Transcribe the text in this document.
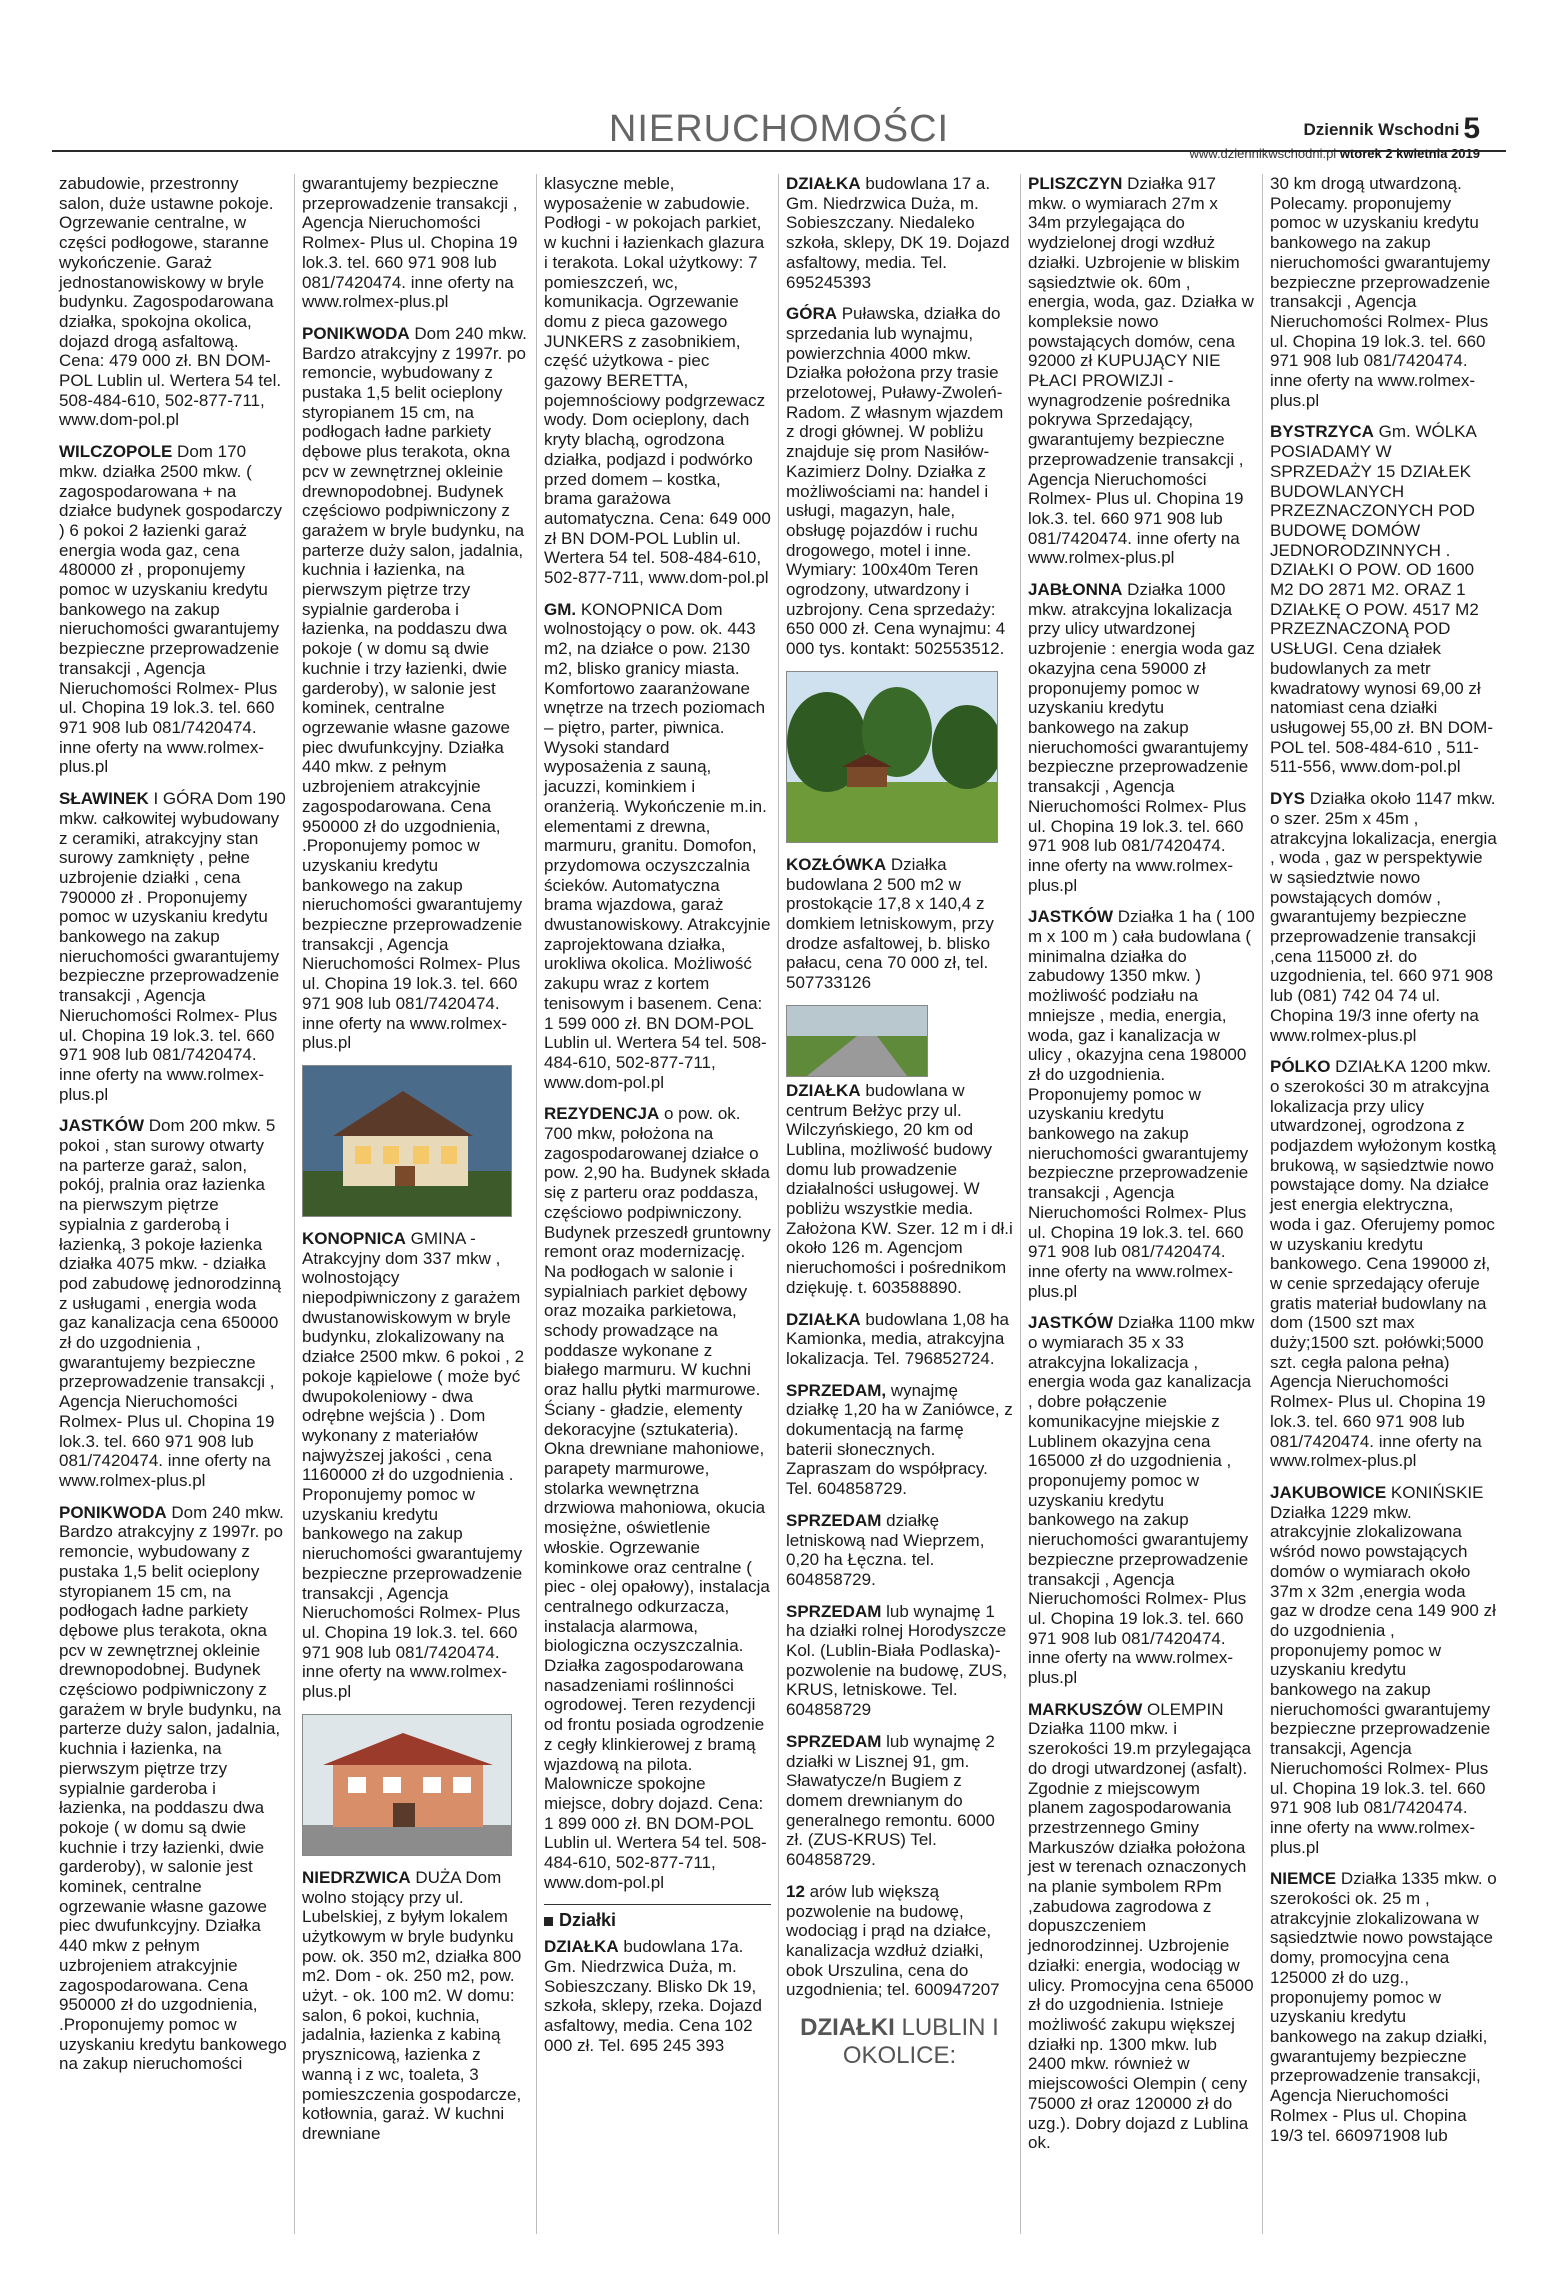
NIERUCHOMOŚCI	Dziennik Wschodni 5
www.dziennikwschodni.pl wtorek 2 kwietnia 2019

zabudowie, przestronny salon, duże ustawne pokoje. Ogrzewanie centralne, w części podłogowe, staranne wykończenie. Garaż jednostanowiskowy w bryle budynku. Zagospodarowana działka, spokojna okolica, dojazd drogą asfaltową. Cena: 479 000 zł. BN DOM-POL Lublin ul. Wertera 54 tel. 508-484-610, 502-877-711, www.dom-pol.pl

WILCZOPOLE Dom 170 mkw. działka 2500 mkw. ( zagospodarowana + na działce budynek gospodarczy ) 6 pokoi 2 łazienki garaż energia woda gaz, cena 480000 zł , proponujemy pomoc w uzyskaniu kredytu bankowego na zakup nieruchomości gwarantujemy bezpieczne przeprowadzenie transakcji , Agencja Nieruchomości Rolmex- Plus ul. Chopina 19 lok.3. tel. 660 971 908 lub 081/7420474. inne oferty na www.rolmex-plus.pl

SŁAWINEK I GÓRA Dom 190 mkw. całkowitej wybudowany z ceramiki, atrakcyjny stan surowy zamknięty , pełne uzbrojenie działki , cena 790000 zł . Proponujemy pomoc w uzyskaniu kredytu bankowego na zakup nieruchomości gwarantujemy bezpieczne przeprowadzenie transakcji , Agencja Nieruchomości Rolmex- Plus ul. Chopina 19 lok.3. tel. 660 971 908 lub 081/7420474. inne oferty na www.rolmex-plus.pl

JASTKÓW Dom 200 mkw. 5 pokoi , stan surowy otwarty na parterze garaż, salon, pokój, pralnia oraz łazienka na pierwszym piętrze sypialnia z garderobą i łazienką, 3 pokoje łazienka działka 4075 mkw. - działka pod zabudowę jednorodzinną z usługami , energia woda gaz kanalizacja cena 650000 zł do uzgodnienia , gwarantujemy bezpieczne przeprowadzenie transakcji , Agencja Nieruchomości Rolmex- Plus ul. Chopina 19 lok.3. tel. 660 971 908 lub 081/7420474. inne oferty na www.rolmex-plus.pl

PONIKWODA Dom 240 mkw. Bardzo atrakcyjny z 1997r. po remoncie, wybudowany z pustaka 1,5 belit ocieplony styropianem 15 cm, na podłogach ładne parkiety dębowe plus terakota, okna pcv w zewnętrznej okleinie drewnopodobnej. Budynek częściowo podpiwniczony z garażem w bryle budynku, na parterze duży salon, jadalnia, kuchnia i łazienka, na pierwszym piętrze trzy sypialnie garderoba i łazienka, na poddaszu dwa pokoje ( w domu są dwie kuchnie i trzy łazienki, dwie garderoby), w salonie jest kominek, centralne ogrzewanie własne gazowe piec dwufunkcyjny. Działka 440 mkw z pełnym uzbrojeniem atrakcyjnie zagospodarowana. Cena 950000 zł do uzgodnienia, .Proponujemy pomoc w uzyskaniu kredytu bankowego na zakup nieruchomości

gwarantujemy bezpieczne przeprowadzenie transakcji , Agencja Nieruchomości Rolmex- Plus ul. Chopina 19 lok.3. tel. 660 971 908 lub 081/7420474. inne oferty na www.rolmex-plus.pl

PONIKWODA Dom 240 mkw. Bardzo atrakcyjny z 1997r. po remoncie, wybudowany z pustaka 1,5 belit ocieplony styropianem 15 cm, na podłogach ładne parkiety dębowe plus terakota, okna pcv w zewnętrznej okleinie drewnopodobnej. Budynek częściowo podpiwniczony z garażem w bryle budynku, na parterze duży salon, jadalnia, kuchnia i łazienka, na pierwszym piętrze trzy sypialnie garderoba i łazienka, na poddaszu dwa pokoje ( w domu są dwie kuchnie i trzy łazienki, dwie garderoby), w salonie jest kominek, centralne ogrzewanie własne gazowe piec dwufunkcyjny. Działka 440 mkw. z pełnym uzbrojeniem atrakcyjnie zagospodarowana. Cena 950000 zł do uzgodnienia, .Proponujemy pomoc w uzyskaniu kredytu bankowego na zakup nieruchomości gwarantujemy bezpieczne przeprowadzenie transakcji , Agencja Nieruchomości Rolmex- Plus ul. Chopina 19 lok.3. tel. 660 971 908 lub 081/7420474. inne oferty na www.rolmex-plus.pl

KONOPNICA GMINA - Atrakcyjny dom 337 mkw , wolnostojący niepodpiwniczony z garażem dwustanowiskowym w bryle budynku, zlokalizowany na działce 2500 mkw. 6 pokoi , 2 pokoje kąpielowe ( może być dwupokoleniowy - dwa odrębne wejścia ) . Dom wykonany z materiałów najwyższej jakości , cena 1160000 zł do uzgodnienia . Proponujemy pomoc w uzyskaniu kredytu bankowego na zakup nieruchomości gwarantujemy bezpieczne przeprowadzenie transakcji , Agencja Nieruchomości Rolmex- Plus ul. Chopina 19 lok.3. tel. 660 971 908 lub 081/7420474. inne oferty na www.rolmex-plus.pl

NIEDRZWICA DUŻA Dom wolno stojący przy ul. Lubelskiej, z byłym lokalem użytkowym w bryle budynku pow. ok. 350 m2, działka 800 m2. Dom - ok. 250 m2, pow. użyt. - ok. 100 m2. W domu: salon, 6 pokoi, kuchnia, jadalnia, łazienka z kabiną prysznicową, łazienka z wanną i z wc, toaleta, 3 pomieszczenia gospodarcze, kotłownia, garaż. W kuchni drewniane

klasyczne meble, wyposażenie w zabudowie. Podłogi - w pokojach parkiet, w kuchni i łazienkach glazura i terakota. Lokal użytkowy: 7 pomieszczeń, wc, komunikacja. Ogrzewanie domu z pieca gazowego JUNKERS z zasobnikiem, część użytkowa - piec gazowy BERETTA, pojemnościowy podgrzewacz wody. Dom ocieplony, dach kryty blachą, ogrodzona działka, podjazd i podwórko przed domem – kostka, brama garażowa automatyczna. Cena: 649 000 zł BN DOM-POL Lublin ul. Wertera 54 tel. 508-484-610, 502-877-711, www.dom-pol.pl

GM. KONOPNICA Dom wolnostojący o pow. ok. 443 m2, na działce o pow. 2130 m2, blisko granicy miasta. Komfortowo zaaranżowane wnętrze na trzech poziomach – piętro, parter, piwnica. Wysoki standard wyposażenia z sauną, jacuzzi, kominkiem i oranżerią. Wykończenie m.in. elementami z drewna, marmuru, granitu. Domofon, przydomowa oczyszczalnia ścieków. Automatyczna brama wjazdowa, garaż dwustanowiskowy. Atrakcyjnie zaprojektowana działka, urokliwa okolica. Możliwość zakupu wraz z kortem tenisowym i basenem. Cena: 1 599 000 zł. BN DOM-POL Lublin ul. Wertera 54 tel. 508-484-610, 502-877-711, www.dom-pol.pl

REZYDENCJA o pow. ok. 700 mkw, położona na zagospodarowanej działce o pow. 2,90 ha. Budynek składa się z parteru oraz poddasza, częściowo podpiwniczony. Budynek przeszedł gruntowny remont oraz modernizację. Na podłogach w salonie i sypialniach parkiet dębowy oraz mozaika parkietowa, schody prowadzące na poddasze wykonane z białego marmuru. W kuchni oraz hallu płytki marmurowe. Ściany - gładzie, elementy dekoracyjne (sztukateria). Okna drewniane mahoniowe, parapety marmurowe, stolarka wewnętrzna drzwiowa mahoniowa, okucia mosiężne, oświetlenie włoskie. Ogrzewanie kominkowe oraz centralne ( piec - olej opałowy), instalacja centralnego odkurzacza, instalacja alarmowa, biologiczna oczyszczalnia. Działka zagospodarowana nasadzeniami roślinności ogrodowej. Teren rezydencji od frontu posiada ogrodzenie z cegły klinkierowej z bramą wjazdową na pilota. Malownicze spokojne miejsce, dobry dojazd. Cena: 1 899 000 zł. BN DOM-POL Lublin ul. Wertera 54 tel. 508-484-610, 502-877-711, www.dom-pol.pl

Działki

DZIAŁKA budowlana 17a. Gm. Niedrzwica Duża, m. Sobieszczany. Blisko Dk 19, szkoła, sklepy, rzeka. Dojazd asfaltowy, media. Cena 102 000 zł. Tel. 695 245 393

DZIAŁKA budowlana 17 a. Gm. Niedrzwica Duża, m. Sobieszczany. Niedaleko szkoła, sklepy, DK 19. Dojazd asfaltowy, media. Tel. 695245393

GÓRA Puławska, działka do sprzedania lub wynajmu, powierzchnia 4000 mkw. Działka położona przy trasie przelotowej, Puławy-Zwoleń-Radom. Z własnym wjazdem z drogi głównej. W pobliżu znajduje się prom Nasiłów-Kazimierz Dolny. Działka z możliwościami na: handel i usługi, magazyn, hale, obsługę pojazdów i ruchu drogowego, motel i inne. Wymiary: 100x40m Teren ogrodzony, utwardzony i uzbrojony. Cena sprzedaży: 650 000 zł. Cena wynajmu: 4 000 tys. kontakt: 502553512.

KOZŁÓWKA Działka budowlana 2 500 m2 w prostokącie 17,8 x 140,4 z domkiem letniskowym, przy drodze asfaltowej, b. blisko pałacu, cena 70 000 zł, tel. 507733126

DZIAŁKA budowlana w centrum Bełżyc przy ul. Wilczyńskiego, 20 km od Lublina, możliwość budowy domu lub prowadzenie działalności usługowej. W pobliżu wszystkie media. Założona KW. Szer. 12 m i dł.i około 126 m. Agencjom nieruchomości i pośrednikom dziękuję. t. 603588890.

DZIAŁKA budowlana 1,08 ha Kamionka, media, atrakcyjna lokalizacja. Tel. 796852724.

SPRZEDAM, wynajmę działkę 1,20 ha w Zaniówce, z dokumentacją na farmę baterii słonecznych. Zapraszam do współpracy. Tel. 604858729.

SPRZEDAM działkę letniskową nad Wieprzem, 0,20 ha Łęczna. tel. 604858729.

SPRZEDAM lub wynajmę 1 ha działki rolnej Horodyszcze Kol. (Lublin-Biała Podlaska)-pozwolenie na budowę, ZUS, KRUS, letniskowe. Tel. 604858729

SPRZEDAM lub wynajmę 2 działki w Lisznej 91, gm. Sławatycze/n Bugiem z domem drewnianym do generalnego remontu. 6000 zł. (ZUS-KRUS) Tel. 604858729.

12 arów lub większą pozwolenie na budowę, wodociąg i prąd na działce, kanalizacja wzdłuż działki, obok Urszulina, cena do uzgodnienia; tel. 600947207

DZIAŁKI LUBLIN I OKOLICE:

PLISZCZYN Działka 917 mkw. o wymiarach 27m x 34m przylegająca do wydzielonej drogi wzdłuż działki. Uzbrojenie w bliskim sąsiedztwie ok. 60m , energia, woda, gaz. Działka w kompleksie nowo powstających domów, cena 92000 zł KUPUJĄCY NIE PŁACI PROWIZJI -wynagrodzenie pośrednika pokrywa Sprzedający, gwarantujemy bezpieczne przeprowadzenie transakcji , Agencja Nieruchomości Rolmex- Plus ul. Chopina 19 lok.3. tel. 660 971 908 lub 081/7420474. inne oferty na www.rolmex-plus.pl

JABŁONNA Działka 1000 mkw. atrakcyjna lokalizacja przy ulicy utwardzonej uzbrojenie : energia woda gaz okazyjna cena 59000 zł proponujemy pomoc w uzyskaniu kredytu bankowego na zakup nieruchomości gwarantujemy bezpieczne przeprowadzenie transakcji , Agencja Nieruchomości Rolmex- Plus ul. Chopina 19 lok.3. tel. 660 971 908 lub 081/7420474. inne oferty na www.rolmex-plus.pl

JASTKÓW Działka 1 ha ( 100 m x 100 m ) cała budowlana ( minimalna działka do zabudowy 1350 mkw. ) możliwość podziału na mniejsze , media, energia, woda, gaz i kanalizacja w ulicy , okazyjna cena 198000 zł do uzgodnienia. Proponujemy pomoc w uzyskaniu kredytu bankowego na zakup nieruchomości gwarantujemy bezpieczne przeprowadzenie transakcji , Agencja Nieruchomości Rolmex- Plus ul. Chopina 19 lok.3. tel. 660 971 908 lub 081/7420474. inne oferty na www.rolmex-plus.pl

JASTKÓW Działka 1100 mkw o wymiarach 35 x 33 atrakcyjna lokalizacja , energia woda gaz kanalizacja , dobre połączenie komunikacyjne miejskie z Lublinem okazyjna cena 165000 zł do uzgodnienia , proponujemy pomoc w uzyskaniu kredytu bankowego na zakup nieruchomości gwarantujemy bezpieczne przeprowadzenie transakcji , Agencja Nieruchomości Rolmex- Plus ul. Chopina 19 lok.3. tel. 660 971 908 lub 081/7420474. inne oferty na www.rolmex-plus.pl

MARKUSZÓW OLEMPIN Działka 1100 mkw. i szerokości 19.m przylegająca do drogi utwardzonej (asfalt). Zgodnie z miejscowym planem zagospodarowania przestrzennego Gminy Markuszów działka położona jest w terenach oznaczonych na planie symbolem RPm ,zabudowa zagrodowa z dopuszczeniem jednorodzinnej. Uzbrojenie działki: energia, wodociąg w ulicy. Promocyjna cena 65000 zł do uzgodnienia. Istnieje możliwość zakupu większej działki np. 1300 mkw. lub 2400 mkw. również w miejscowości Olempin ( ceny 75000 zł oraz 120000 zł do uzg.). Dobry dojazd z Lublina ok.

30 km drogą utwardzoną. Polecamy. proponujemy pomoc w uzyskaniu kredytu bankowego na zakup nieruchomości gwarantujemy bezpieczne przeprowadzenie transakcji , Agencja Nieruchomości Rolmex- Plus ul. Chopina 19 lok.3. tel. 660 971 908 lub 081/7420474. inne oferty na www.rolmex-plus.pl

BYSTRZYCA Gm. WÓLKA POSIADAMY W SPRZEDAŻY 15 DZIAŁEK BUDOWLANYCH PRZEZNACZONYCH POD BUDOWĘ DOMÓW JEDNORODZINNYCH . DZIAŁKI O POW. OD 1600 M2 DO 2871 M2. ORAZ 1 DZIAŁKĘ O POW. 4517 M2 PRZEZNACZONĄ POD USŁUGI. Cena działek budowlanych za metr kwadratowy wynosi 69,00 zł natomiast cena działki usługowej 55,00 zł. BN DOM-POL tel. 508-484-610 , 511-511-556, www.dom-pol.pl

DYS Działka około 1147 mkw. o szer. 25m x 45m , atrakcyjna lokalizacja, energia , woda , gaz w perspektywie w sąsiedztwie nowo powstających domów , gwarantujemy bezpieczne przeprowadzenie transakcji ,cena 115000 zł. do uzgodnienia, tel. 660 971 908 lub (081) 742 04 74 ul. Chopina 19/3 inne oferty na www.rolmex-plus.pl

PÓLKO DZIAŁKA 1200 mkw. o szerokości 30 m atrakcyjna lokalizacja przy ulicy utwardzonej, ogrodzona z podjazdem wyłożonym kostką brukową, w sąsiedztwie nowo powstające domy. Na działce jest energia elektryczna, woda i gaz. Oferujemy pomoc w uzyskaniu kredytu bankowego. Cena 199000 zł, w cenie sprzedający oferuje gratis materiał budowlany na dom (1500 szt max duży;1500 szt. połówki;5000 szt. cegła palona pełna) Agencja Nieruchomości Rolmex- Plus ul. Chopina 19 lok.3. tel. 660 971 908 lub 081/7420474. inne oferty na www.rolmex-plus.pl

JAKUBOWICE KONIŃSKIE Działka 1229 mkw. atrakcyjnie zlokalizowana wśród nowo powstających domów o wymiarach około 37m x 32m ,energia woda gaz w drodze cena 149 900 zł do uzgodnienia , proponujemy pomoc w uzyskaniu kredytu bankowego na zakup nieruchomości gwarantujemy bezpieczne przeprowadzenie transakcji, Agencja Nieruchomości Rolmex- Plus ul. Chopina 19 lok.3. tel. 660 971 908 lub 081/7420474. inne oferty na www.rolmex-plus.pl

NIEMCE Działka 1335 mkw. o szerokości ok. 25 m , atrakcyjnie zlokalizowana w sąsiedztwie nowo powstające domy, promocyjna cena 125000 zł do uzg., proponujemy pomoc w uzyskaniu kredytu bankowego na zakup działki, gwarantujemy bezpieczne przeprowadzenie transakcji, Agencja Nieruchomości Rolmex - Plus ul. Chopina 19/3 tel. 660971908 lub
